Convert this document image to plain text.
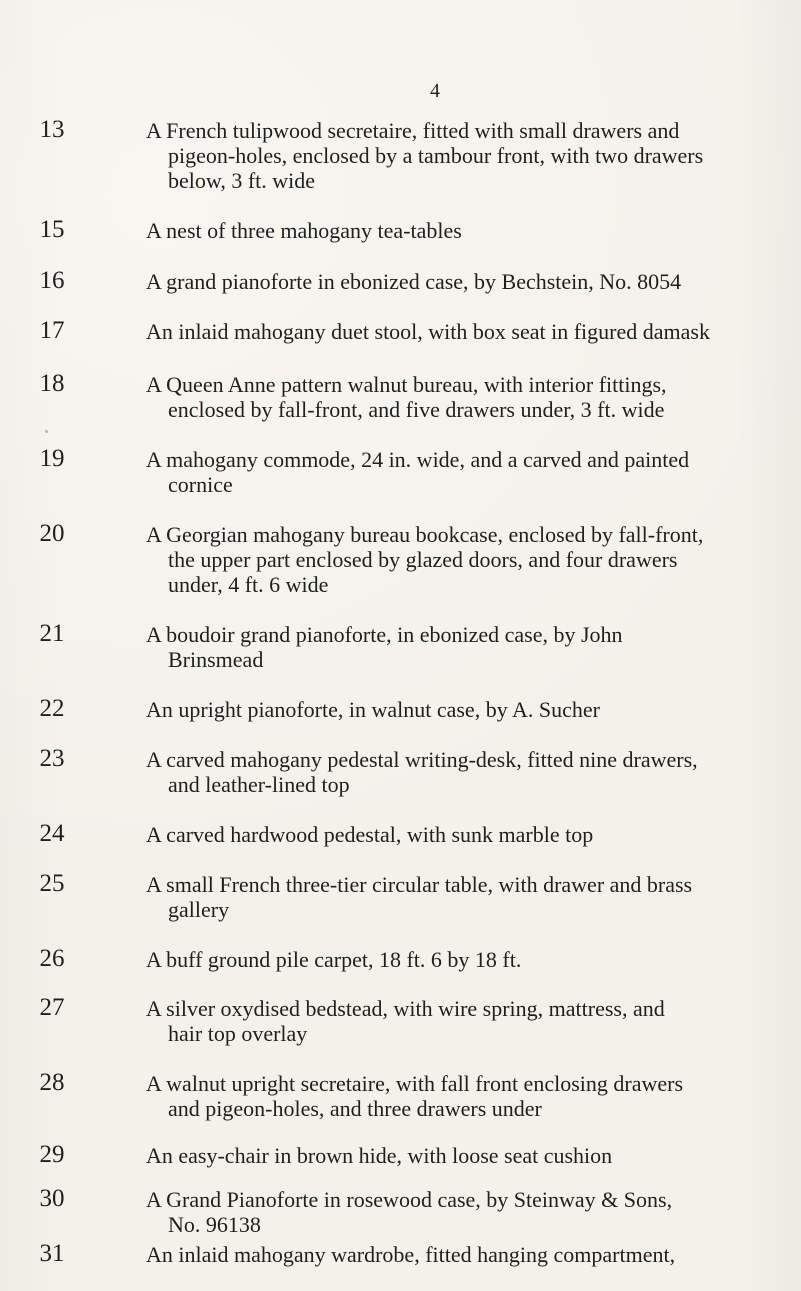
4
13	A French tulipwood secretaire, fitted with small drawers and

pigeon-holes, enclosed by a tambour front, with two drawers

below, 3 ft. wide

15	A nest of three mahogany tea-tables

16	A grand pianoforte in ebonized case, by Bechstein, No. 8054

17	An inlaid mahogany duet stool, with box seat in figured damask

18	A Queen Anne pattern walnut bureau, with interior fittings,

enclosed by fall-front, and five drawers under, 3 ft. wide

19	A mahogany commode, 24 in. wide, and a carved and painted

cornice

20	A Georgian mahogany bureau bookcase, enclosed by fall-front,

the upper part enclosed by glazed doors, and four drawers

under, 4 ft. 6 wide

21	A boudoir grand pianoforte, in ebonized case, by John

Brinsmead

22	An upright pianoforte, in walnut case, by A. Sucher

23	A carved mahogany pedestal writing-desk, fitted nine drawers,

and leather-lined top

24	A carved hardwood pedestal, with sunk marble top

25	A small French three-tier circular table, with drawer and brass

gallery

26	A buff ground pile carpet, 18 ft. 6 by 18 ft.

27	A silver oxydised bedstead, with wire spring, mattress, and

hair top overlay

28	A walnut upright secretaire, with fall front enclosing drawers

and pigeon-holes, and three drawers under

29	An easy-chair in brown hide, with loose seat cushion

30	A Grand Pianoforte in rosewood case, by Steinway & Sons,

No. 96138

31	An inlaid mahogany wardrobe, fitted hanging compartment,
